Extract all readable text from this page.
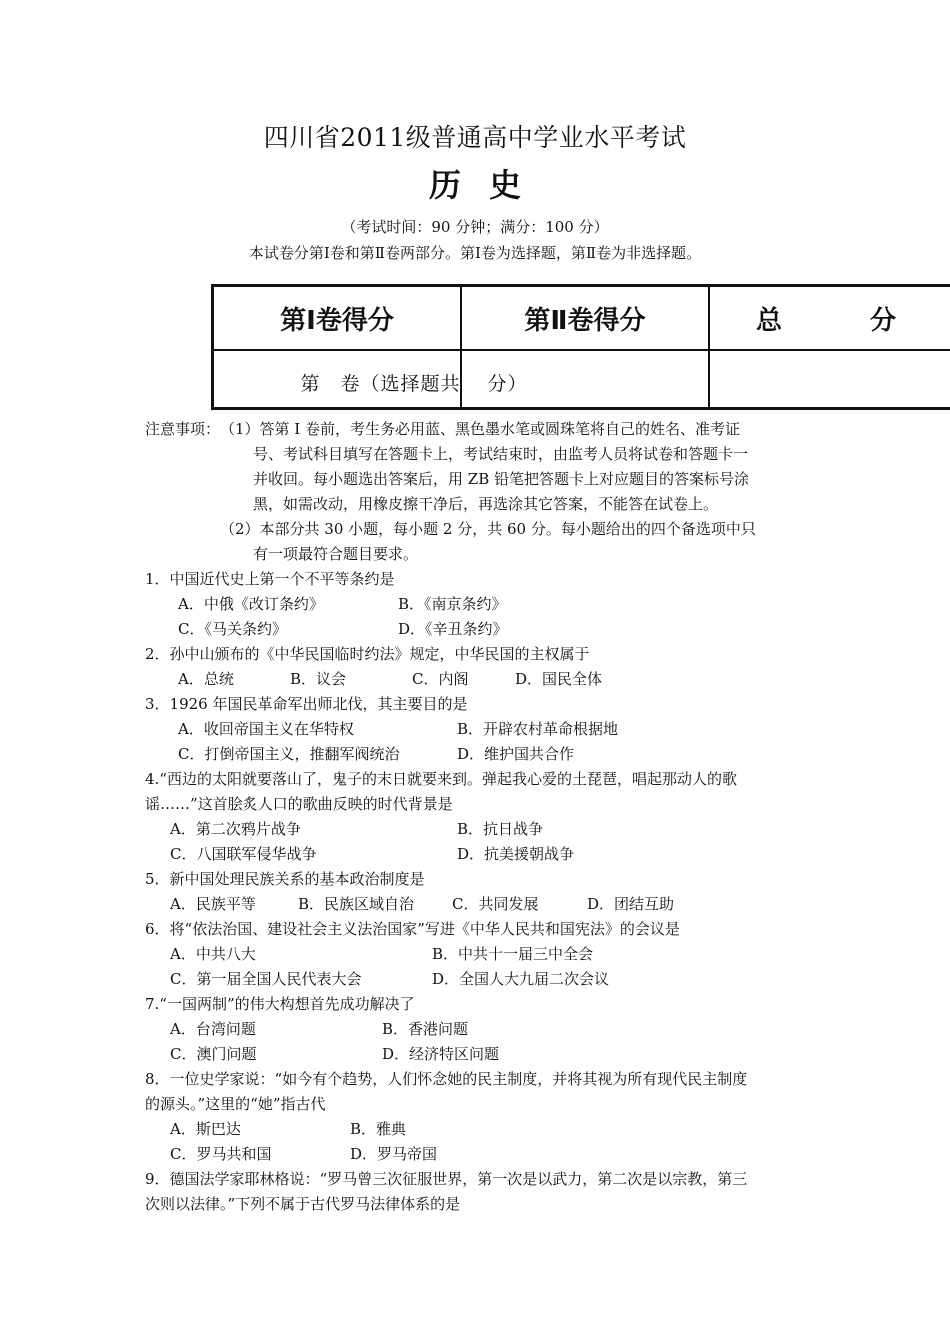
四川省2011级普通高中学业水平考试
历史
（考试时间：90 分钟；满分：100 分）
本试卷分第Ⅰ卷和第Ⅱ卷两部分。第Ⅰ卷为选择题，第Ⅱ卷为非选择题。
第Ⅰ卷得分	第Ⅱ卷得分	总	分
第　卷（选择题共　 分）
注意事项： （1）答第 Ⅰ 卷前，考生务必用蓝、黑色墨水笔或圆珠笔将自己的姓名、准考证
号、考试科目填写在答题卡上，考试结束时，由监考人员将试卷和答题卡一
并收回。每小题选出答案后，用 ZB 铅笔把答题卡上对应题目的答案标号涂
黑，如需改动，用橡皮擦干净后，再选涂其它答案，不能答在试卷上。
（2）本部分共 30 小题，每小题 2 分，共 60 分。每小题给出的四个备选项中只
有一项最符合题目要求。
1．中国近代史上第一个不平等条约是
A．中俄《改订条约》	B．《南京条约》
C．《马关条约》	D．《辛丑条约》
2．孙中山颁布的《中华民国临时约法》规定，中华民国的主权属于
A．总统	B．议会	C．内阁	D．国民全体
3．1926 年国民革命军出师北伐，其主要目的是
A．收回帝国主义在华特权	B．开辟农村革命根据地
C．打倒帝国主义，推翻军阀统治	D．维护国共合作
4.“西边的太阳就要落山了，鬼子的末日就要来到。弹起我心爱的土琵琶，唱起那动人的歌
谣……”这首脍炙人口的歌曲反映的时代背景是
A．第二次鸦片战争	B．抗日战争
C．八国联军侵华战争	D．抗美援朝战争
5．新中国处理民族关系的基本政治制度是
A．民族平等	B．民族区域自治	C．共同发展	D．团结互助
6．将“依法治国、建设社会主义法治国家”写进《中华人民共和国宪法》的会议是
A．中共八大	B．中共十一届三中全会
C．第一届全国人民代表大会	D．全国人大九届二次会议
7.“一国两制”的伟大构想首先成功解决了
A．台湾问题	B．香港问题
C．澳门问题	D．经济特区问题
8．一位史学家说：“如今有个趋势，人们怀念她的民主制度，并将其视为所有现代民主制度
的源头。”这里的“她”指古代
A．斯巴达	B．雅典
C．罗马共和国	D．罗马帝国
9．德国法学家耶林格说：“罗马曾三次征服世界，第一次是以武力，第二次是以宗教，第三
次则以法律。”下列不属于古代罗马法律体系的是
